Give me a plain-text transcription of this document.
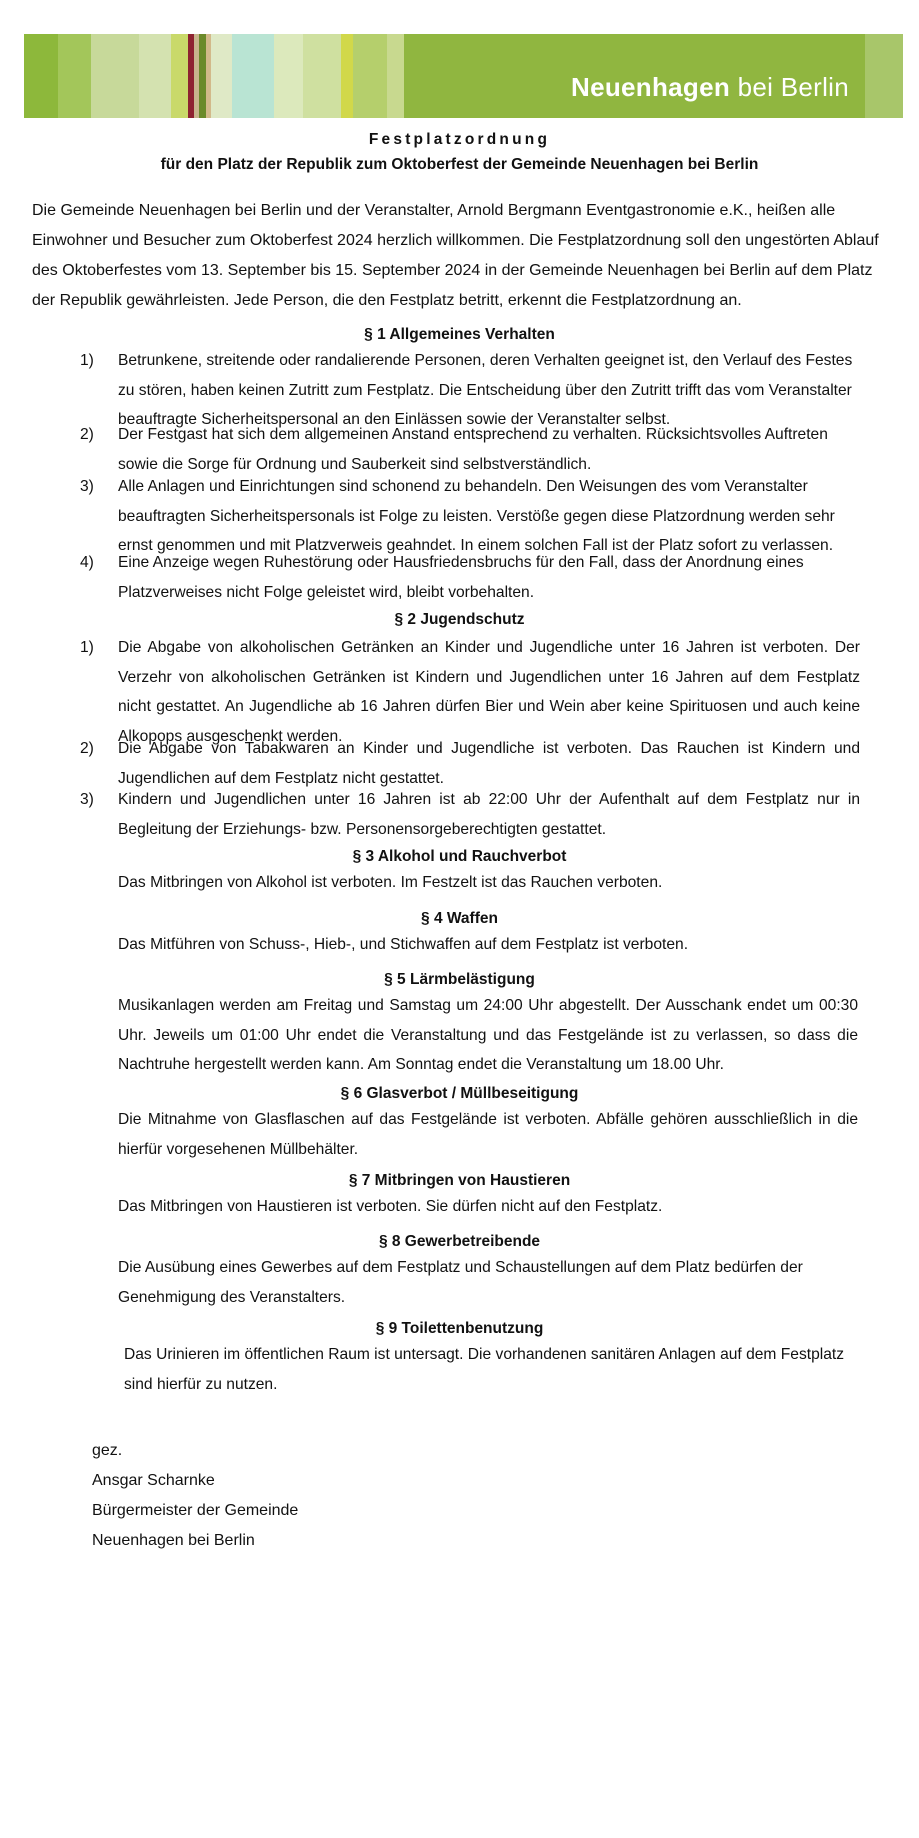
Neuenhagen bei Berlin
Festplatzordnung
für den Platz der Republik zum Oktoberfest der Gemeinde Neuenhagen bei Berlin
Die Gemeinde Neuenhagen bei Berlin und der Veranstalter, Arnold Bergmann Eventgastronomie e.K., heißen alle Einwohner und Besucher zum Oktoberfest 2024 herzlich willkommen. Die Festplatzordnung soll den ungestörten Ablauf des Oktoberfestes vom 13. September bis 15. September 2024 in der Gemeinde Neuenhagen bei Berlin auf dem Platz der Republik gewährleisten. Jede Person, die den Festplatz betritt, erkennt die Festplatzordnung an.
§ 1 Allgemeines Verhalten
1)	Betrunkene, streitende oder randalierende Personen, deren Verhalten geeignet ist, den Verlauf des Festes zu stören, haben keinen Zutritt zum Festplatz. Die Entscheidung über den Zutritt trifft das vom Veranstalter beauftragte Sicherheitspersonal an den Einlässen sowie der Veranstalter selbst.
2)	Der Festgast hat sich dem allgemeinen Anstand entsprechend zu verhalten. Rücksichtsvolles Auftreten sowie die Sorge für Ordnung und Sauberkeit sind selbstverständlich.
3)	Alle Anlagen und Einrichtungen sind schonend zu behandeln. Den Weisungen des vom Veranstalter beauftragten Sicherheitspersonals ist Folge zu leisten. Verstöße gegen diese Platzordnung werden sehr ernst genommen und mit Platzverweis geahndet. In einem solchen Fall ist der Platz sofort zu verlassen.
4)	Eine Anzeige wegen Ruhestörung oder Hausfriedensbruchs für den Fall, dass der Anordnung eines Platzverweises nicht Folge geleistet wird, bleibt vorbehalten.
§ 2 Jugendschutz
1)	Die Abgabe von alkoholischen Getränken an Kinder und Jugendliche unter 16 Jahren ist verboten. Der Verzehr von alkoholischen Getränken ist Kindern und Jugendlichen unter 16 Jahren auf dem Festplatz nicht gestattet. An Jugendliche ab 16 Jahren dürfen Bier und Wein aber keine Spirituosen und auch keine Alkopops ausgeschenkt werden.
2)	Die Abgabe von Tabakwaren an Kinder und Jugendliche ist verboten. Das Rauchen ist Kindern und Jugendlichen auf dem Festplatz nicht gestattet.
3)	Kindern und Jugendlichen unter 16 Jahren ist ab 22:00 Uhr der Aufenthalt auf dem Festplatz nur in Begleitung der Erziehungs- bzw. Personensorgeberechtigten gestattet.
§ 3 Alkohol und Rauchverbot
Das Mitbringen von Alkohol ist verboten. Im Festzelt ist das Rauchen verboten.
§ 4 Waffen
Das Mitführen von Schuss-, Hieb-, und Stichwaffen auf dem Festplatz ist verboten.
§ 5 Lärmbelästigung
Musikanlagen werden am Freitag und Samstag um 24:00 Uhr abgestellt. Der Ausschank endet um 00:30 Uhr. Jeweils um 01:00 Uhr endet die Veranstaltung und das Festgelände ist zu verlassen, so dass die Nachtruhe hergestellt werden kann. Am Sonntag endet die Veranstaltung um 18.00 Uhr.
§ 6 Glasverbot / Müllbeseitigung
Die Mitnahme von Glasflaschen auf das Festgelände ist verboten. Abfälle gehören ausschließlich in die hierfür vorgesehenen Müllbehälter.
§ 7 Mitbringen von Haustieren
Das Mitbringen von Haustieren ist verboten. Sie dürfen nicht auf den Festplatz.
§ 8 Gewerbetreibende
Die Ausübung eines Gewerbes auf dem Festplatz und Schaustellungen auf dem Platz bedürfen der Genehmigung des Veranstalters.
§ 9 Toilettenbenutzung
Das Urinieren im öffentlichen Raum ist untersagt. Die vorhandenen sanitären Anlagen auf dem Festplatz sind hierfür zu nutzen.
gez.
Ansgar Scharnke
Bürgermeister der Gemeinde
Neuenhagen bei Berlin
